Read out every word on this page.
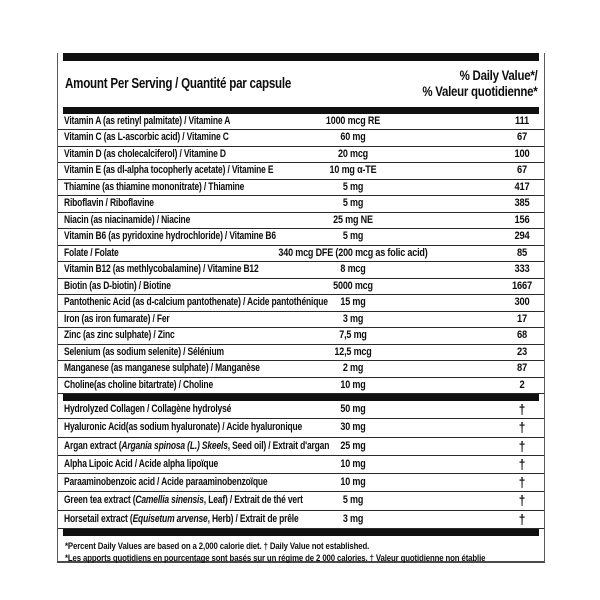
Amount Per Serving / Quantité par capsule
% Daily Value*/
% Valeur quotidienne*
Vitamin A (as retinyl palmitate) / Vitamine A	1000 mcg RE	111
Vitamin C (as L-ascorbic acid) / Vitamine C	60 mg	67
Vitamin D (as cholecalciferol) / Vitamine D	20 mcg	100
Vitamin E (as dl-alpha tocopherly acetate) / Vitamine E	10 mg α-TE	67
Thiamine (as thiamine mononitrate) / Thiamine	5 mg	417
Riboflavin / Riboflavine	5 mg	385
Niacin (as niacinamide) / Niacine	25 mg NE	156
Vitamin B6 (as pyridoxine hydrochloride) / Vitamine B6	5 mg	294
Folate / Folate	340 mcg DFE (200 mcg as folic acid)	85
Vitamin B12 (as methlycobalamine) / Vitamine B12	8 mcg	333
Biotin (as D-biotin) / Biotine	5000 mcg	1667
Pantothenic Acid (as d-calcium pantothenate) / Acide pantothénique	15 mg	300
Iron (as iron fumarate) / Fer	3 mg	17
Zinc (as zinc sulphate) / Zinc	7,5 mg	68
Selenium (as sodium selenite) / Sélénium	12,5 mcg	23
Manganese (as manganese sulphate) / Manganèse	2 mg	87
Choline(as choline bitartrate) / Choline	10 mg	2
Hydrolyzed Collagen / Collagène hydrolysé	50 mg	†
Hyaluronic Acid(as sodium hyaluronate) / Acide hyaluronique	30 mg	†
Argan extract (Argania spinosa (L.) Skeels, Seed oil) / Extrait d'argan	25 mg	†
Alpha Lipoic Acid / Acide alpha lipoïque	10 mg	†
Paraaminobenzoic acid / Acide paraaminobenzoïque	10 mg	†
Green tea extract (Camellia sinensis, Leaf) / Extrait de thé vert	5 mg	†
Horsetail extract (Equisetum arvense, Herb) / Extrait de prêle	3 mg	†
*Percent Daily Values are based on a 2,000 calorie diet. † Daily Value not established.
*Les apports quotidiens en pourcentage sont basés sur un régime de 2 000 calories. † Valeur quotidienne non établie
